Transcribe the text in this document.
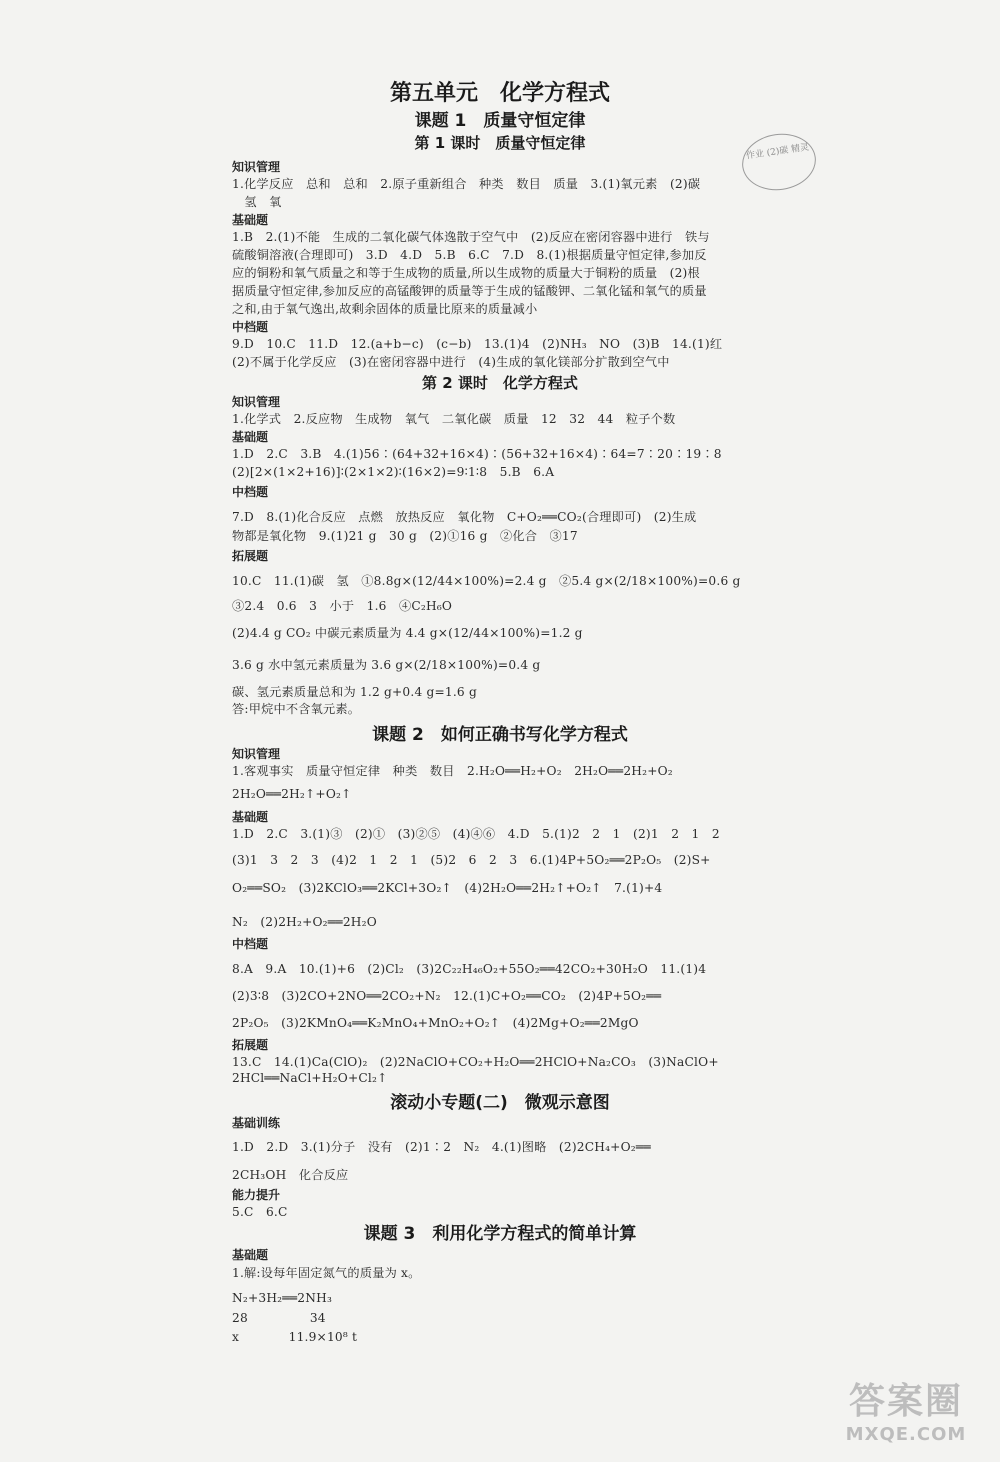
第五单元　化学方程式
课题 1　质量守恒定律
第 1 课时　质量守恒定律	作业 (2)碳 精灵
知识管理
1.化学反应　总和　总和　2.原子重新组合　种类　数目　质量　3.(1)氧元素　(2)碳
　氢　氧
基础题
1.B　2.(1)不能　生成的二氧化碳气体逸散于空气中　(2)反应在密闭容器中进行　铁与
硫酸铜溶液(合理即可)　3.D　4.D　5.B　6.C　7.D　8.(1)根据质量守恒定律,参加反
应的铜粉和氧气质量之和等于生成物的质量,所以生成物的质量大于铜粉的质量　(2)根
据质量守恒定律,参加反应的高锰酸钾的质量等于生成的锰酸钾、二氧化锰和氧气的质量
之和,由于氧气逸出,故剩余固体的质量比原来的质量减小
中档题
9.D　10.C　11.D　12.(a+b−c)　(c−b)　13.(1)4　(2)NH₃　NO　(3)B　14.(1)红
(2)不属于化学反应　(3)在密闭容器中进行　(4)生成的氧化镁部分扩散到空气中
第 2 课时　化学方程式
知识管理
1.化学式　2.反应物　生成物　氧气　二氧化碳　质量　12　32　44　粒子个数
基础题
1.D　2.C　3.B　4.(1)56∶(64+32+16×4)∶(56+32+16×4)∶64=7∶20∶19∶8
(2)[2×(1×2+16)]∶(2×1×2)∶(16×2)=9∶1∶8　5.B　6.A
中档题
7.D　8.(1)化合反应　点燃　放热反应　氧化物　C+O₂══CO₂(合理即可)　(2)生成
物都是氧化物　9.(1)21 g　30 g　(2)①16 g　②化合　③17
拓展题
10.C　11.(1)碳　氢　①8.8g×(12/44×100%)=2.4 g　②5.4 g×(2/18×100%)=0.6 g
③2.4　0.6　3　小于　1.6　④C₂H₆O
(2)4.4 g CO₂ 中碳元素质量为 4.4 g×(12/44×100%)=1.2 g
3.6 g 水中氢元素质量为 3.6 g×(2/18×100%)=0.4 g
碳、氢元素质量总和为 1.2 g+0.4 g=1.6 g
答:甲烷中不含氧元素。
课题 2　如何正确书写化学方程式
知识管理
1.客观事实　质量守恒定律　种类　数目　2.H₂O══H₂+O₂　2H₂O══2H₂+O₂
2H₂O══2H₂↑+O₂↑
基础题
1.D　2.C　3.(1)③　(2)①　(3)②⑤　(4)④⑥　4.D　5.(1)2　2　1　(2)1　2　1　2
(3)1　3　2　3　(4)2　1　2　1　(5)2　6　2　3　6.(1)4P+5O₂══2P₂O₅　(2)S+
O₂══SO₂　(3)2KClO₃══2KCl+3O₂↑　(4)2H₂O══2H₂↑+O₂↑　7.(1)+4
N₂　(2)2H₂+O₂══2H₂O
中档题
8.A　9.A　10.(1)+6　(2)Cl₂　(3)2C₂₂H₄₆O₂+55O₂══42CO₂+30H₂O　11.(1)4
(2)3∶8　(3)2CO+2NO══2CO₂+N₂　12.(1)C+O₂══CO₂　(2)4P+5O₂══
2P₂O₅　(3)2KMnO₄══K₂MnO₄+MnO₂+O₂↑　(4)2Mg+O₂══2MgO
拓展题
13.C　14.(1)Ca(ClO)₂　(2)2NaClO+CO₂+H₂O══2HClO+Na₂CO₃　(3)NaClO+
2HCl══NaCl+H₂O+Cl₂↑
滚动小专题(二)　微观示意图
基础训练
1.D　2.D　3.(1)分子　没有　(2)1∶2　N₂　4.(1)图略　(2)2CH₄+O₂══
2CH₃OH　化合反应
能力提升
5.C　6.C
课题 3　利用化学方程式的简单计算
基础题
1.解:设每年固定氮气的质量为 x。
N₂+3H₂══2NH₃
28　　　　　34
x　　　　11.9×10⁸ t
答案圈
MXQE.COM
